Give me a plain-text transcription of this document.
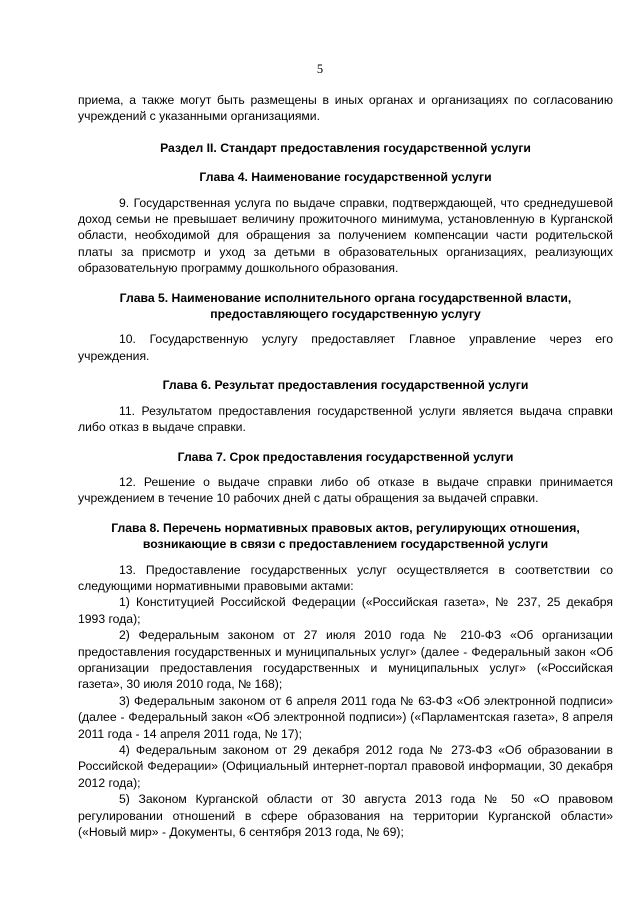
5

приема, а также могут быть размещены в иных органах и организациях по согласованию учреждений с указанными организациями.

Раздел II. Стандарт предоставления государственной услуги

Глава 4. Наименование государственной услуги

9. Государственная услуга по выдаче справки, подтверждающей, что среднедушевой доход семьи не превышает величину прожиточного минимума, установленную в Курганской области, необходимой для обращения за получением компенсации части родительской платы за присмотр и уход за детьми в образовательных организациях, реализующих образовательную программу дошкольного образования.

Глава 5. Наименование исполнительного органа государственной власти,

предоставляющего государственную услугу

10. Государственную услугу предоставляет Главное управление через его учреждения.

Глава 6. Результат предоставления государственной услуги

11. Результатом предоставления государственной услуги является выдача справки либо отказ в выдаче справки.

Глава 7. Срок предоставления государственной услуги

12. Решение о выдаче справки либо об отказе в выдаче справки принимается учреждением в течение 10 рабочих дней с даты обращения за выдачей справки.

Глава 8. Перечень нормативных правовых актов, регулирующих отношения,

возникающие в связи с предоставлением государственной услуги

13. Предоставление государственных услуг осуществляется в соответствии со следующими нормативными правовыми актами:

1) Конституцией Российской Федерации («Российская газета», № 237, 25 декабря 1993 года);

2) Федеральным законом от 27 июля 2010 года № 210-ФЗ «Об организации предоставления государственных и муниципальных услуг» (далее - Федеральный закон «Об организации предоставления государственных и муниципальных услуг» («Российская газета», 30 июля 2010 года, № 168);

3) Федеральным законом от 6 апреля 2011 года № 63-ФЗ «Об электронной подписи» (далее - Федеральный закон «Об электронной подписи») («Парламентская газета», 8 апреля 2011 года - 14 апреля 2011 года, № 17);

4) Федеральным законом от 29 декабря 2012 года № 273-ФЗ «Об образовании в Российской Федерации» (Официальный интернет-портал правовой информации, 30 декабря 2012 года);

5) Законом Курганской области от 30 августа 2013 года № 50 «О правовом регулировании отношений в сфере образования на территории Курганской области» («Новый мир» - Документы, 6 сентября 2013 года, № 69);
